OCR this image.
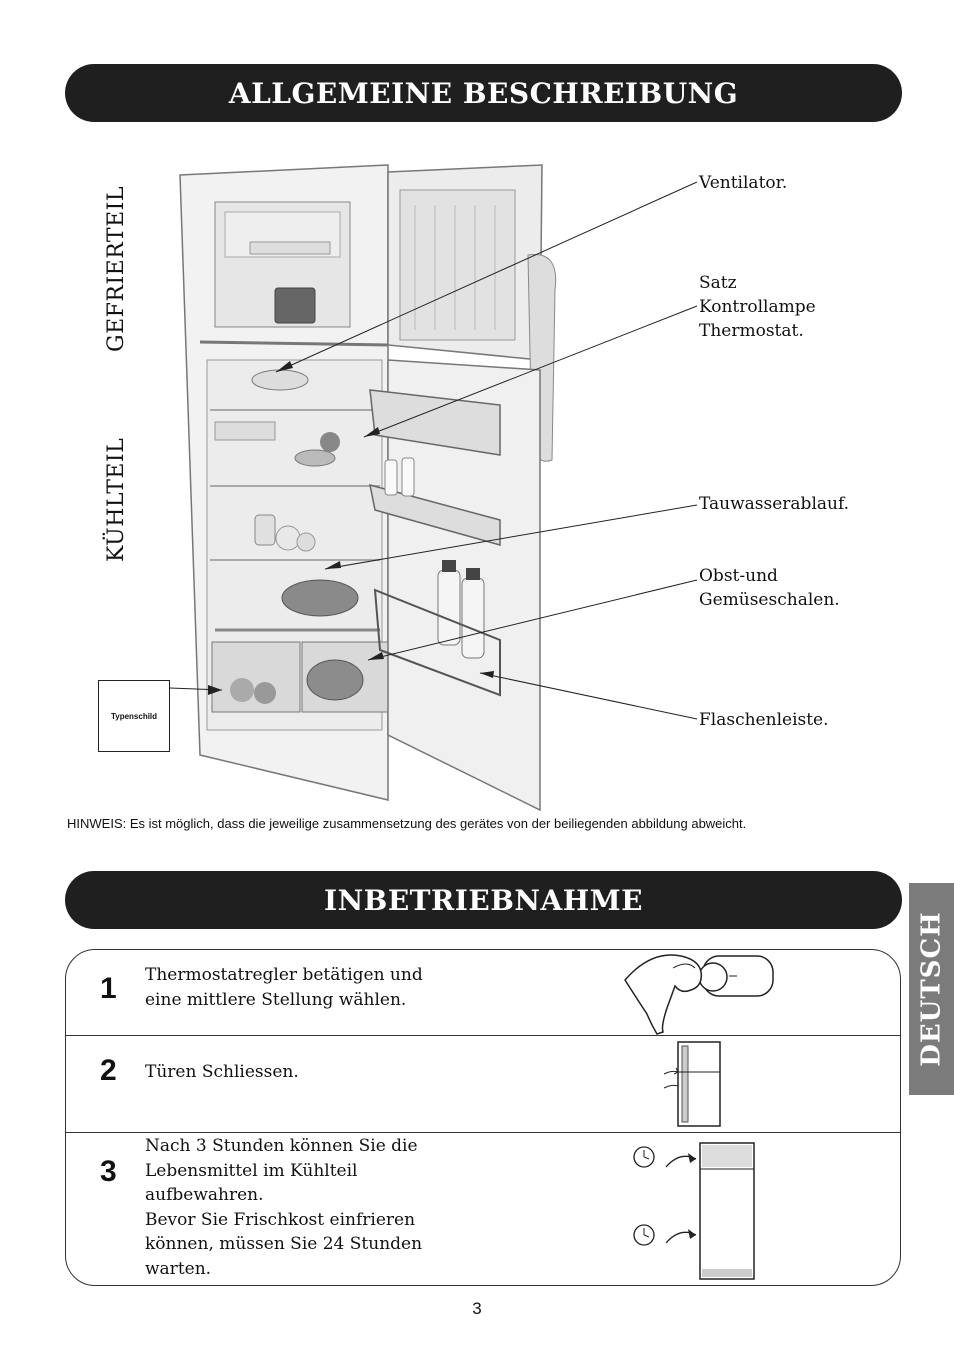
ALLGEMEINE BESCHREIBUNG
GEFRIERTEIL
KÜHLTEIL
Ventilator.
Satz
Kontrollampe
Thermostat.
Tauwasserablauf.
Obst-und
Gemüseschalen.
Flaschenleiste.
Typenschild
HINWEIS: Es ist möglich, dass die jeweilige zusammensetzung des gerätes von der beiliegenden abbildung abweicht.
INBETRIEBNAHME
1 Thermostatregler betätigen und
eine mittlere Stellung wählen.
2 Türen Schliessen.
3
Nach 3 Stunden können Sie die
Lebensmittel im Kühlteil
aufbewahren.
Bevor Sie Frischkost einfrieren
können, müssen Sie 24 Stunden
warten.
DEUTSCH
3
